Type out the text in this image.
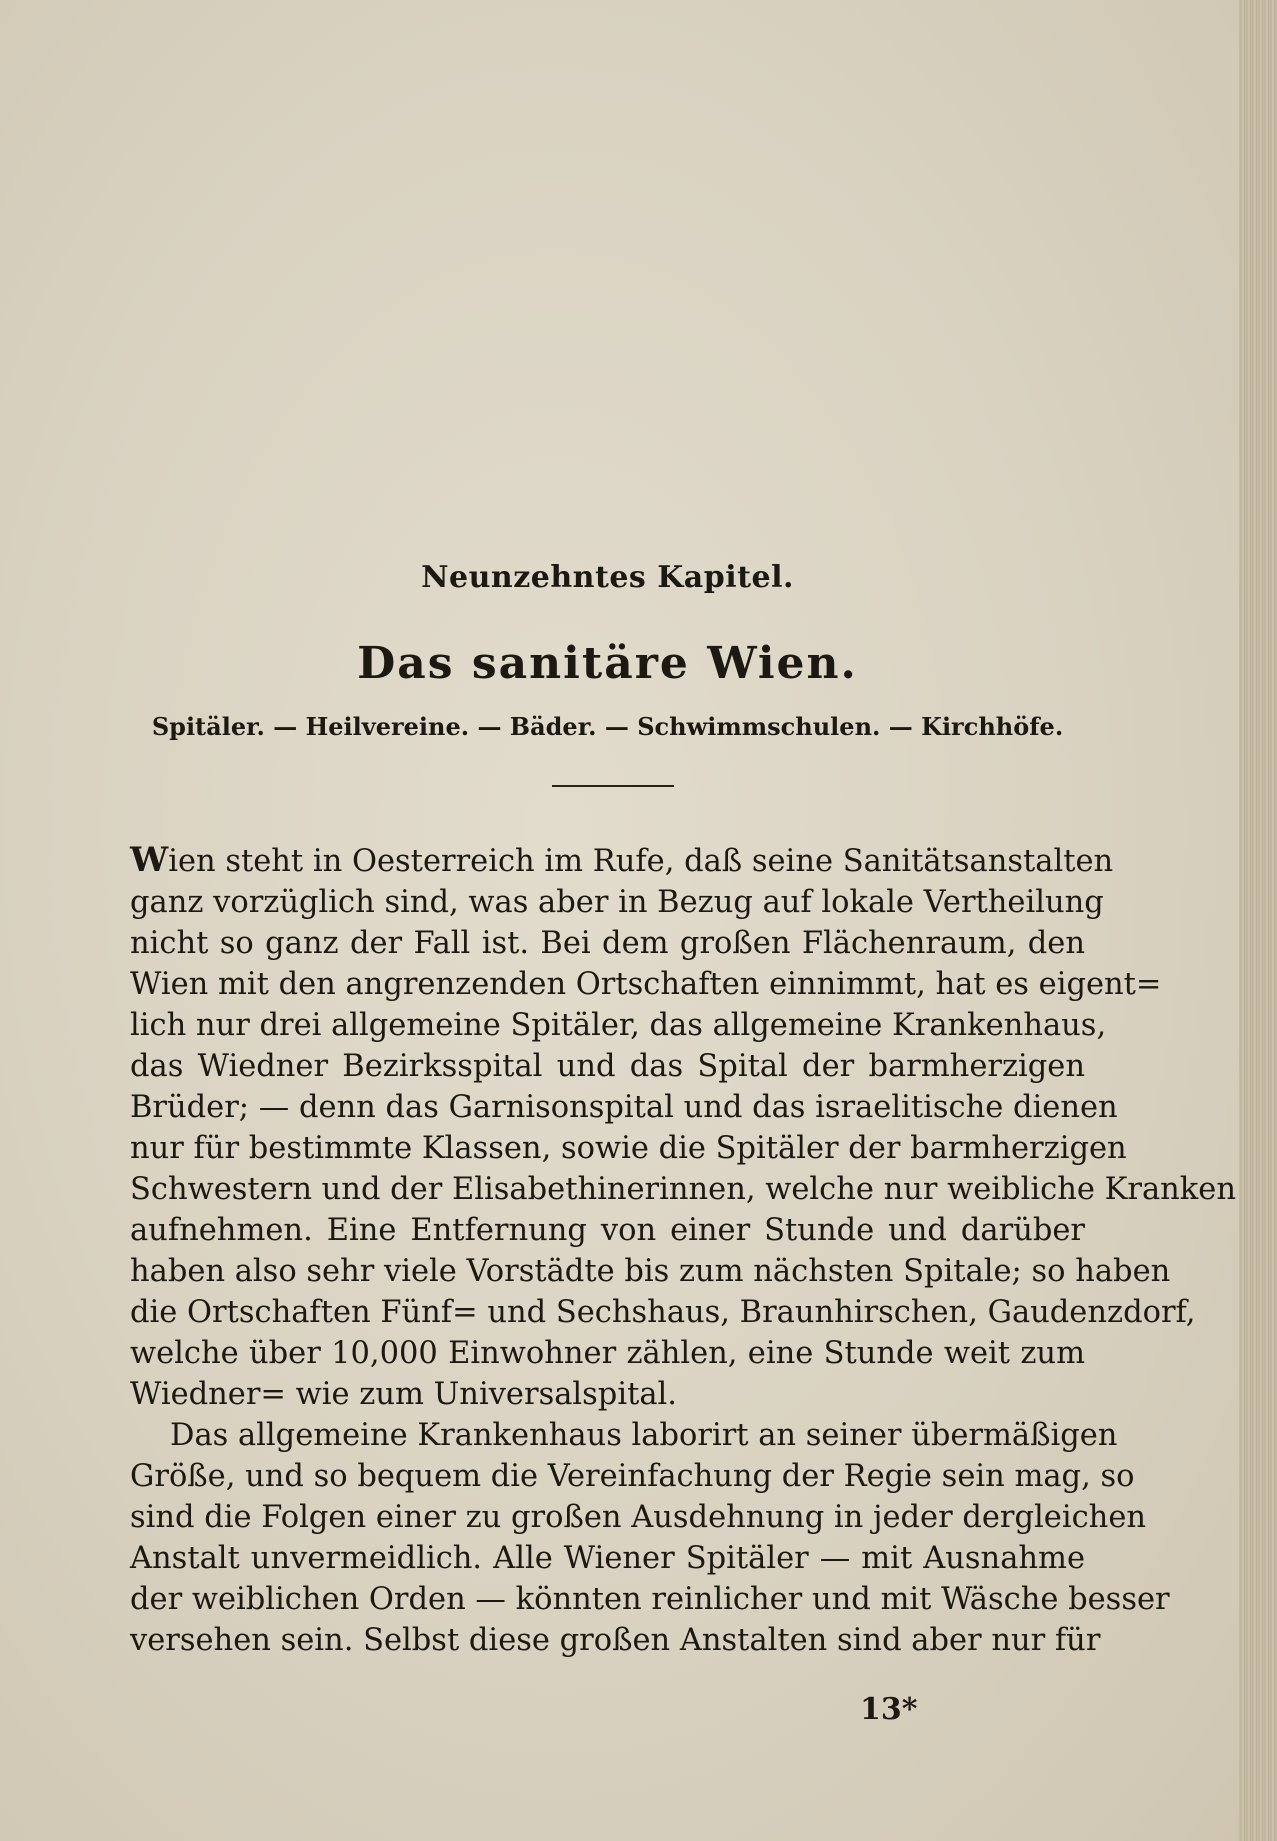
Neunzehntes Kapitel.

Das sanitäre Wien.

Spitäler. — Heilvereine. — Bäder. — Schwimmschulen. — Kirchhöfe.

Wien steht in Oesterreich im Rufe, daß seine Sanitätsanstalten
ganz vorzüglich sind, was aber in Bezug auf lokale Vertheilung
nicht so ganz der Fall ist. Bei dem großen Flächenraum, den
Wien mit den angrenzenden Ortschaften einnimmt, hat es eigent=
lich nur drei allgemeine Spitäler, das allgemeine Krankenhaus,
das Wiedner Bezirksspital und das Spital der barmherzigen
Brüder; — denn das Garnisonspital und das israelitische dienen
nur für bestimmte Klassen, sowie die Spitäler der barmherzigen
Schwestern und der Elisabethinerinnen, welche nur weibliche Kranken
aufnehmen. Eine Entfernung von einer Stunde und darüber
haben also sehr viele Vorstädte bis zum nächsten Spitale; so haben
die Ortschaften Fünf= und Sechshaus, Braunhirschen, Gaudenzdorf,
welche über 10,000 Einwohner zählen, eine Stunde weit zum
Wiedner= wie zum Universalspital.
Das allgemeine Krankenhaus laborirt an seiner übermäßigen
Größe, und so bequem die Vereinfachung der Regie sein mag, so
sind die Folgen einer zu großen Ausdehnung in jeder dergleichen
Anstalt unvermeidlich. Alle Wiener Spitäler — mit Ausnahme
der weiblichen Orden — könnten reinlicher und mit Wäsche besser
versehen sein. Selbst diese großen Anstalten sind aber nur für

13*
